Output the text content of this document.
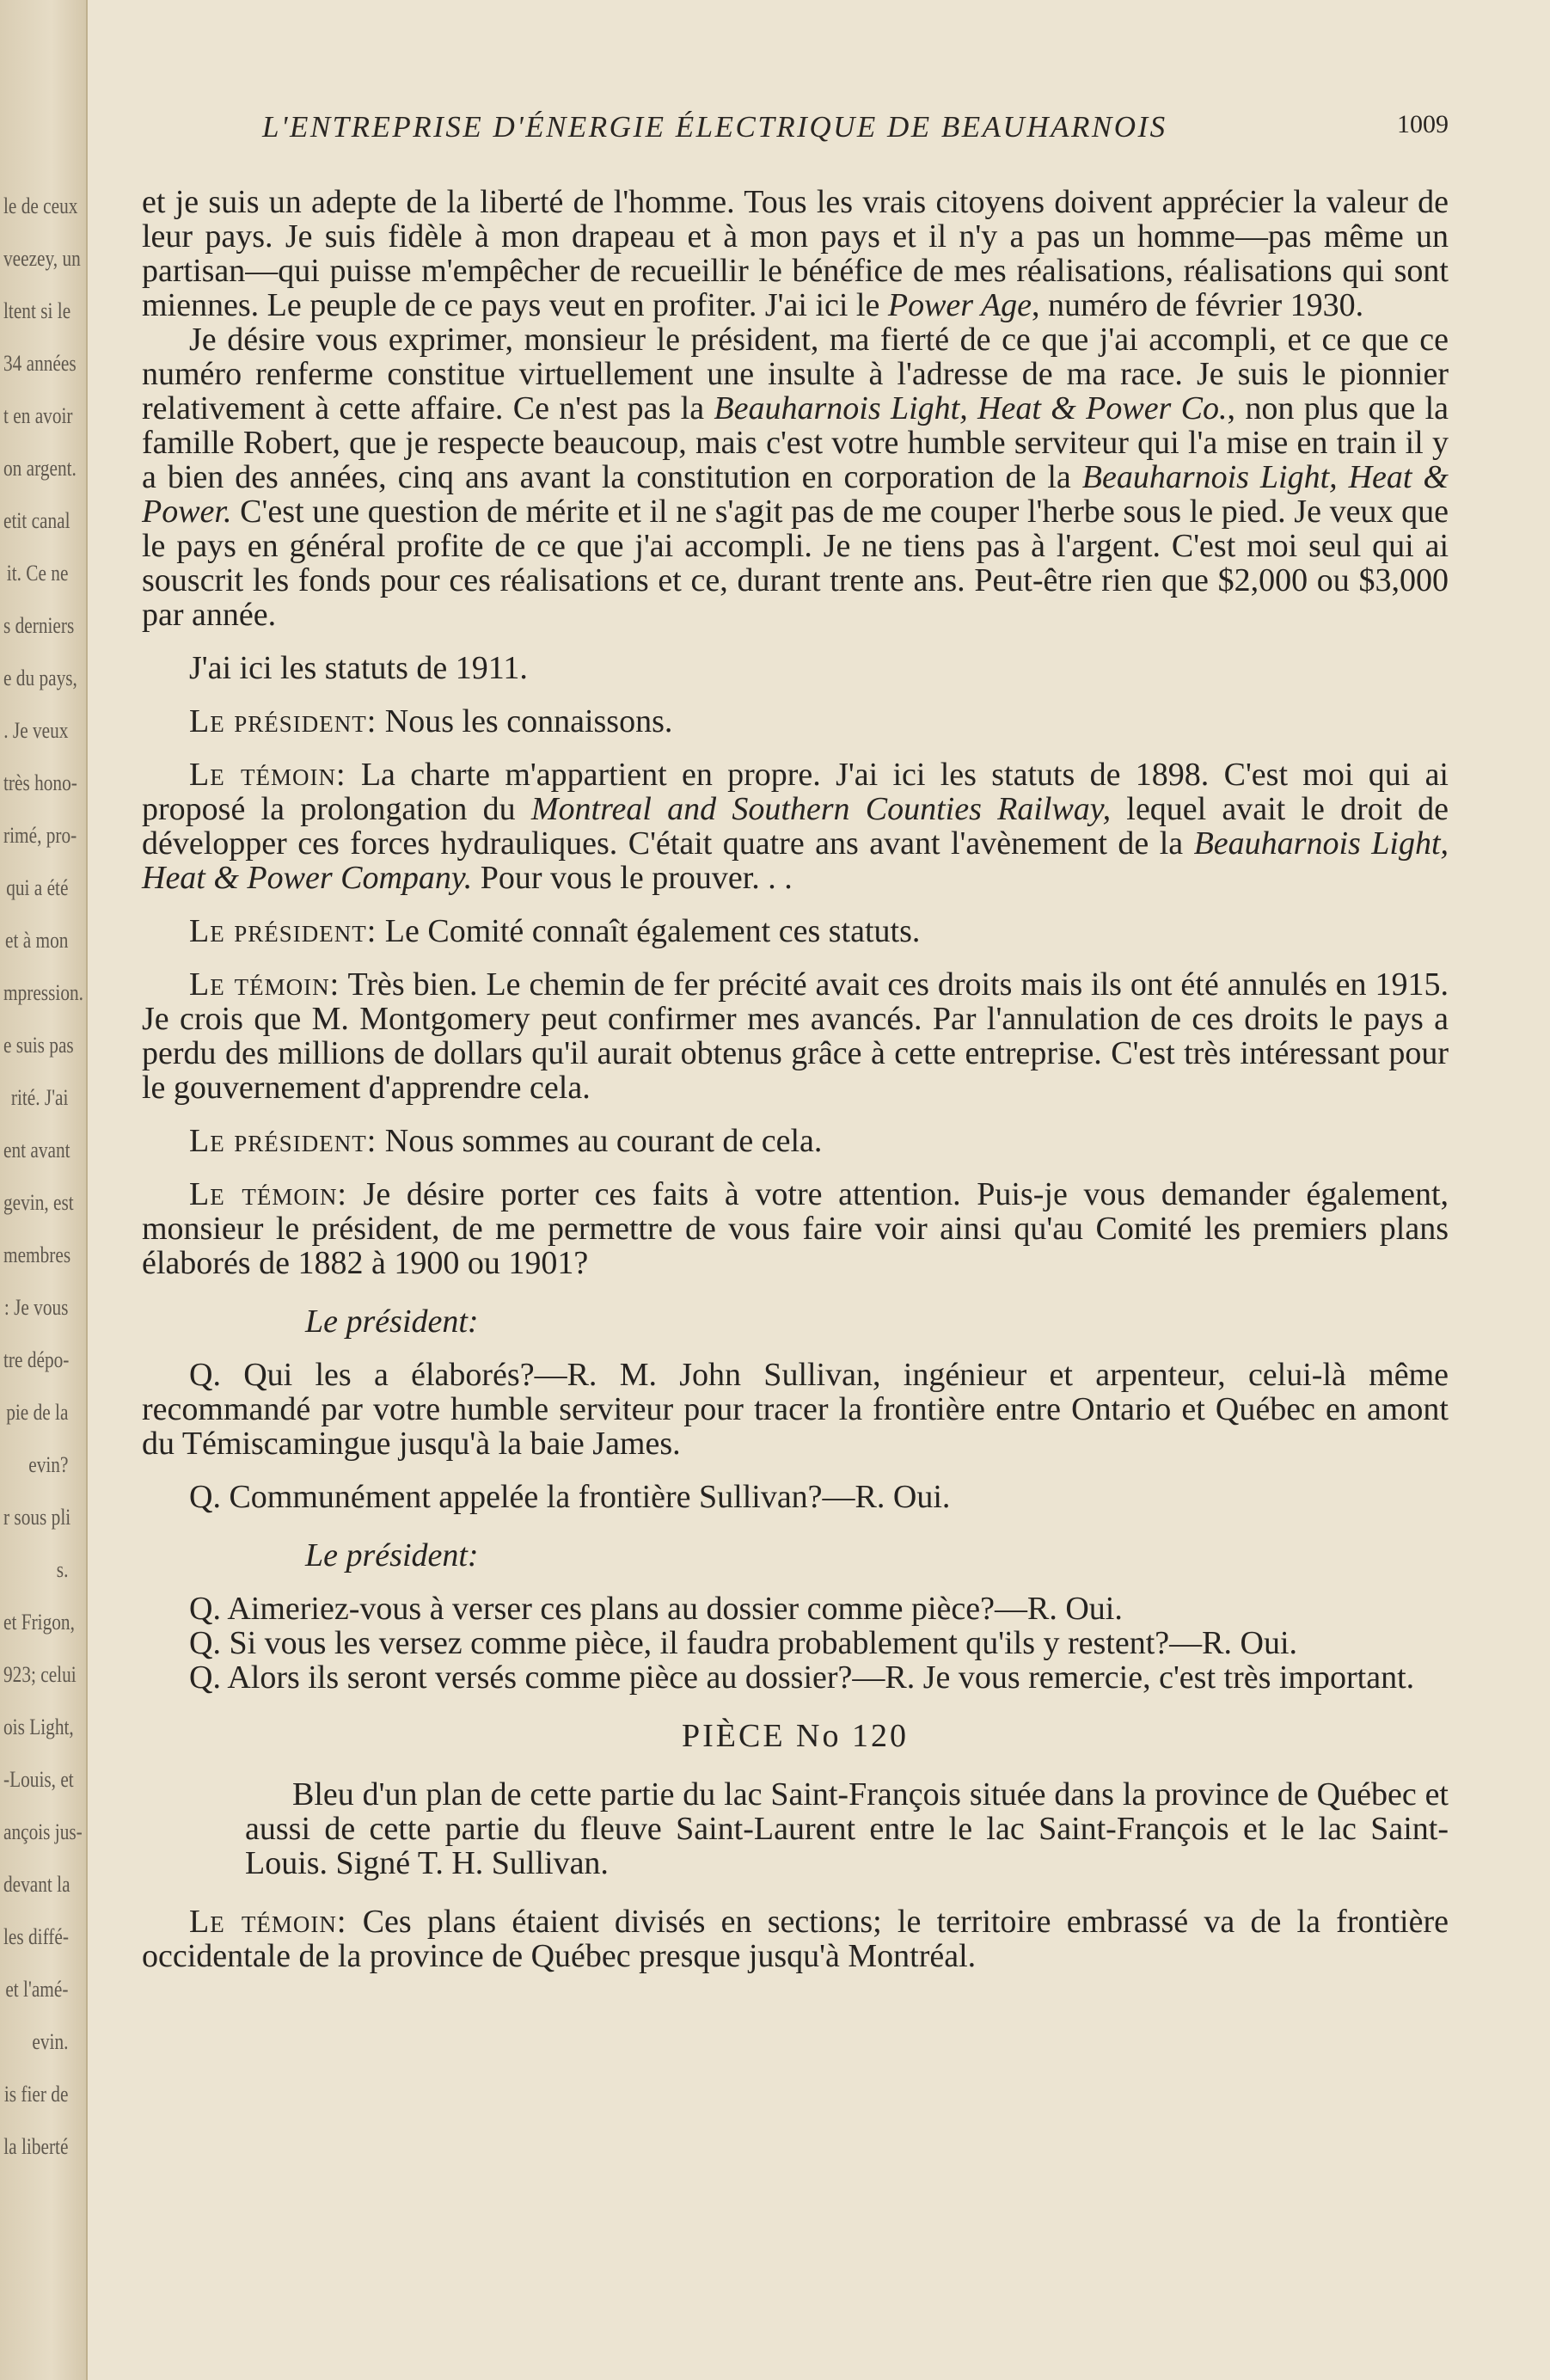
le de ceux
veezey, un
ltent si le
34 années
t en avoir
on argent.
etit canal
it. Ce ne
s derniers
e du pays,
. Je veux
très hono-
rimé, pro-
qui a été
et à mon
mpression.
e suis pas
rité. J'ai
ent avant
gevin, est
membres
: Je vous
tre dépo-
pie de la
evin?
r sous pli
s.
et Frigon,
923; celui
ois Light,
-Louis, et
ançois jus-
devant la
les diffé-
et l'amé-
evin.
is fier de
la liberté
L'ENTREPRISE D'ÉNERGIE ÉLECTRIQUE DE BEAUHARNOIS	1009

et je suis un adepte de la liberté de l'homme. Tous les vrais citoyens doivent apprécier la valeur de leur pays. Je suis fidèle à mon drapeau et à mon pays et il n'y a pas un homme—pas même un partisan—qui puisse m'empêcher de recueillir le bénéfice de mes réalisations, réalisations qui sont miennes. Le peuple de ce pays veut en profiter. J'ai ici le Power Age, numéro de février 1930.

Je désire vous exprimer, monsieur le président, ma fierté de ce que j'ai accompli, et ce que ce numéro renferme constitue virtuellement une insulte à l'adresse de ma race. Je suis le pionnier relativement à cette affaire. Ce n'est pas la Beauharnois Light, Heat & Power Co., non plus que la famille Robert, que je respecte beaucoup, mais c'est votre humble serviteur qui l'a mise en train il y a bien des années, cinq ans avant la constitution en corporation de la Beauharnois Light, Heat & Power. C'est une question de mérite et il ne s'agit pas de me couper l'herbe sous le pied. Je veux que le pays en général profite de ce que j'ai accompli. Je ne tiens pas à l'argent. C'est moi seul qui ai souscrit les fonds pour ces réalisations et ce, durant trente ans. Peut-être rien que $2,000 ou $3,000 par année.

J'ai ici les statuts de 1911.

Le président: Nous les connaissons.

Le témoin: La charte m'appartient en propre. J'ai ici les statuts de 1898. C'est moi qui ai proposé la prolongation du Montreal and Southern Counties Railway, lequel avait le droit de développer ces forces hydrauliques. C'était quatre ans avant l'avènement de la Beauharnois Light, Heat & Power Company. Pour vous le prouver. . .

Le président: Le Comité connaît également ces statuts.

Le témoin: Très bien. Le chemin de fer précité avait ces droits mais ils ont été annulés en 1915. Je crois que M. Montgomery peut confirmer mes avancés. Par l'annulation de ces droits le pays a perdu des millions de dollars qu'il aurait obtenus grâce à cette entreprise. C'est très intéressant pour le gouvernement d'apprendre cela.

Le président: Nous sommes au courant de cela.

Le témoin: Je désire porter ces faits à votre attention. Puis-je vous demander également, monsieur le président, de me permettre de vous faire voir ainsi qu'au Comité les premiers plans élaborés de 1882 à 1900 ou 1901?

Le président:

Q. Qui les a élaborés?—R. M. John Sullivan, ingénieur et arpenteur, celui-là même recommandé par votre humble serviteur pour tracer la frontière entre Ontario et Québec en amont du Témiscamingue jusqu'à la baie James.

Q. Communément appelée la frontière Sullivan?—R. Oui.

Le président:

Q. Aimeriez-vous à verser ces plans au dossier comme pièce?—R. Oui.

Q. Si vous les versez comme pièce, il faudra probablement qu'ils y restent?—R. Oui.

Q. Alors ils seront versés comme pièce au dossier?—R. Je vous remercie, c'est très important.

PIÈCE No 120

Bleu d'un plan de cette partie du lac Saint-François située dans la province de Québec et aussi de cette partie du fleuve Saint-Laurent entre le lac Saint-François et le lac Saint-Louis. Signé T. H. Sullivan.

Le témoin: Ces plans étaient divisés en sections; le territoire embrassé va de la frontière occidentale de la province de Québec presque jusqu'à Montréal.
